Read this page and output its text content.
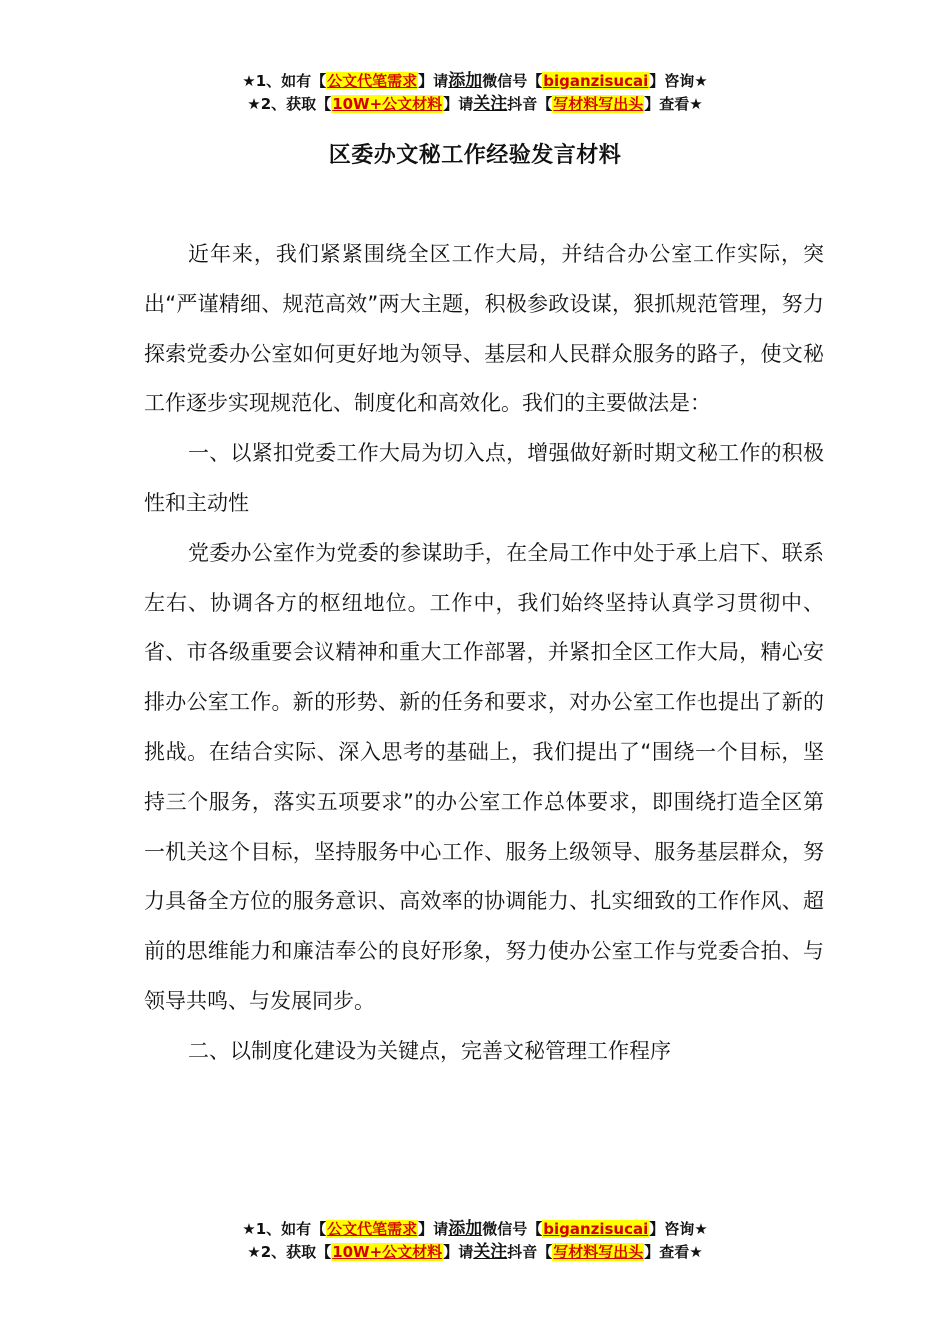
★1、如有【公文代笔需求】请添加微信号【biganzisucai】咨询★
★2、获取【10W+公文材料】请关注抖音【写材料写出头】查看★
区委办文秘工作经验发言材料

近年来，我们紧紧围绕全区工作大局，并结合办公室工作实际，突出“严谨精细、规范高效”两大主题，积极参政设谋，狠抓规范管理，努力探索党委办公室如何更好地为领导、基层和人民群众服务的路子，使文秘工作逐步实现规范化、制度化和高效化。我们的主要做法是：

一、以紧扣党委工作大局为切入点，增强做好新时期文秘工作的积极性和主动性

党委办公室作为党委的参谋助手，在全局工作中处于承上启下、联系左右、协调各方的枢纽地位。工作中，我们始终坚持认真学习贯彻中、省、市各级重要会议精神和重大工作部署，并紧扣全区工作大局，精心安排办公室工作。新的形势、新的任务和要求，对办公室工作也提出了新的挑战。在结合实际、深入思考的基础上，我们提出了“围绕一个目标，坚持三个服务，落实五项要求”的办公室工作总体要求，即围绕打造全区第一机关这个目标，坚持服务中心工作、服务上级领导、服务基层群众，努力具备全方位的服务意识、高效率的协调能力、扎实细致的工作作风、超前的思维能力和廉洁奉公的良好形象，努力使办公室工作与党委合拍、与领导共鸣、与发展同步。

二、以制度化建设为关键点，完善文秘管理工作程序

★1、如有【公文代笔需求】请添加微信号【biganzisucai】咨询★
★2、获取【10W+公文材料】请关注抖音【写材料写出头】查看★
